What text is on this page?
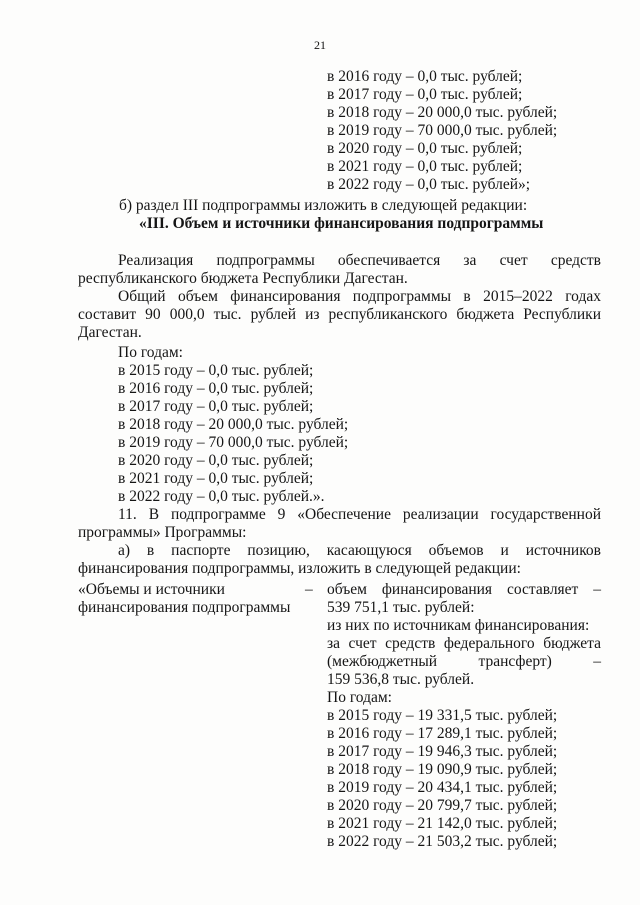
21
в 2016 году – 0,0 тыс. рублей;
в 2017 году – 0,0 тыс. рублей;
в 2018 году – 20 000,0 тыс. рублей;
в 2019 году – 70 000,0 тыс. рублей;
в 2020 году – 0,0 тыс. рублей;
в 2021 году – 0,0 тыс. рублей;
в 2022 году – 0,0 тыс. рублей»;
б) раздел III подпрограммы изложить в следующей редакции:
«III. Объем и источники финансирования подпрограммы
Реализация подпрограммы обеспечивается за счет средств
республиканского бюджета Республики Дагестан.
Общий объем финансирования подпрограммы в 2015–2022 годах
составит 90 000,0 тыс. рублей из республиканского бюджета Республики
Дагестан.
По годам:
в 2015 году – 0,0 тыс. рублей;
в 2016 году – 0,0 тыс. рублей;
в 2017 году – 0,0 тыс. рублей;
в 2018 году – 20 000,0 тыс. рублей;
в 2019 году – 70 000,0 тыс. рублей;
в 2020 году – 0,0 тыс. рублей;
в 2021 году – 0,0 тыс. рублей;
в 2022 году – 0,0 тыс. рублей.».
11. В подпрограмме 9 «Обеспечение реализации государственной
программы» Программы:
а) в паспорте позицию, касающуюся объемов и источников
финансирования подпрограммы, изложить в следующей редакции:
«Объемы и источники
финансирования подпрограммы
– объем финансирования составляет –
539 751,1 тыс. рублей:
из них по источникам финансирования:
за счет средств федерального бюджета
(межбюджетный трансферт) –
159 536,8 тыс. рублей.
По годам:
в 2015 году – 19 331,5 тыс. рублей;
в 2016 году – 17 289,1 тыс. рублей;
в 2017 году – 19 946,3 тыс. рублей;
в 2018 году – 19 090,9 тыс. рублей;
в 2019 году – 20 434,1 тыс. рублей;
в 2020 году – 20 799,7 тыс. рублей;
в 2021 году – 21 142,0 тыс. рублей;
в 2022 году – 21 503,2 тыс. рублей;
